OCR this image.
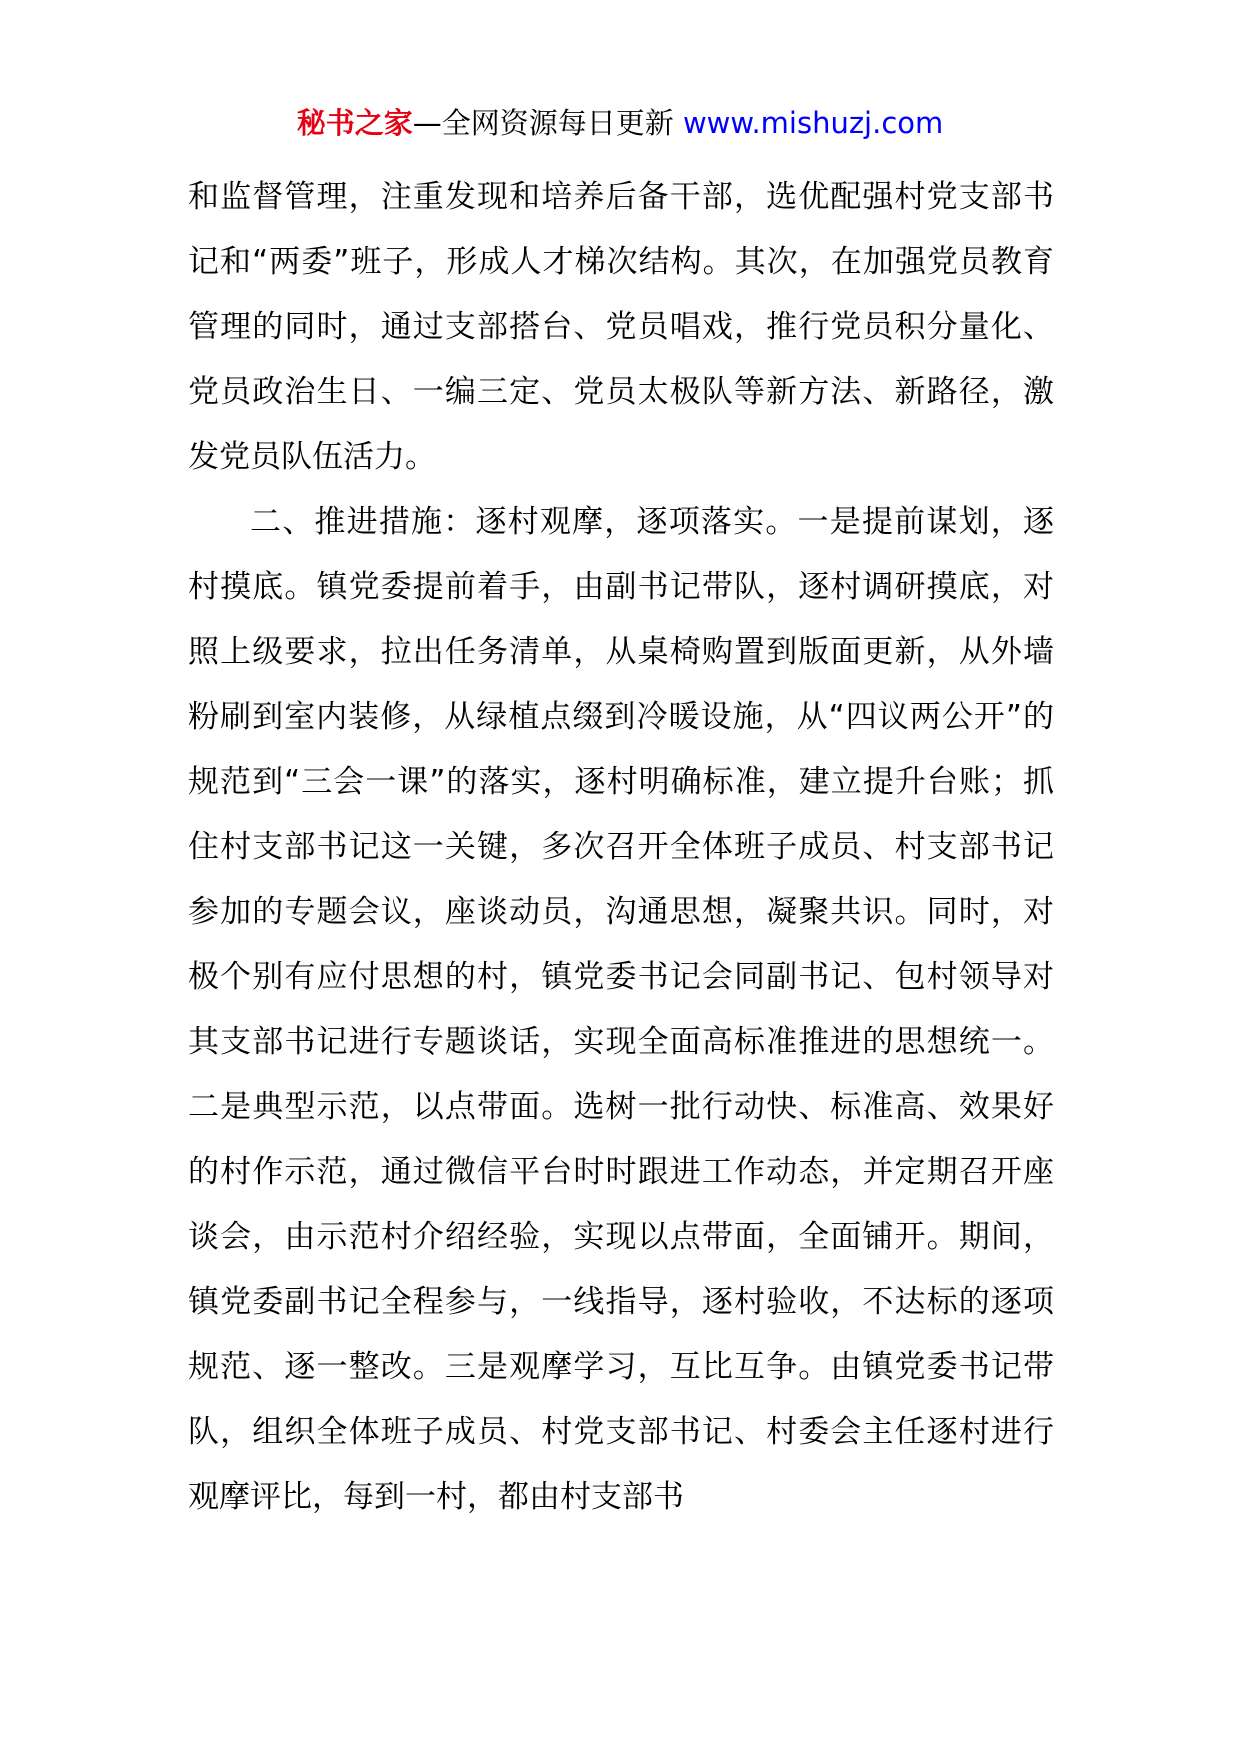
秘书之家—全网资源每日更新 www.mishuzj.com

和监督管理，注重发现和培养后备干部，选优配强村党支部书记和“两委”班子，形成人才梯次结构。其次，在加强党员教育管理的同时，通过支部搭台、党员唱戏，推行党员积分量化、党员政治生日、一编三定、党员太极队等新方法、新路径，激发党员队伍活力。

二、推进措施：逐村观摩，逐项落实。一是提前谋划，逐村摸底。镇党委提前着手，由副书记带队，逐村调研摸底，对照上级要求，拉出任务清单，从桌椅购置到版面更新，从外墙粉刷到室内装修，从绿植点缀到冷暖设施，从“四议两公开”的规范到“三会一课”的落实，逐村明确标准，建立提升台账；抓住村支部书记这一关键，多次召开全体班子成员、村支部书记参加的专题会议，座谈动员，沟通思想，凝聚共识。同时，对极个别有应付思想的村，镇党委书记会同副书记、包村领导对其支部书记进行专题谈话，实现全面高标准推进的思想统一。二是典型示范，以点带面。选树一批行动快、标准高、效果好的村作示范，通过微信平台时时跟进工作动态，并定期召开座谈会，由示范村介绍经验，实现以点带面，全面铺开。期间，镇党委副书记全程参与，一线指导，逐村验收，不达标的逐项规范、逐一整改。三是观摩学习，互比互争。由镇党委书记带队，组织全体班子成员、村党支部书记、村委会主任逐村进行观摩评比，每到一村，都由村支部书
